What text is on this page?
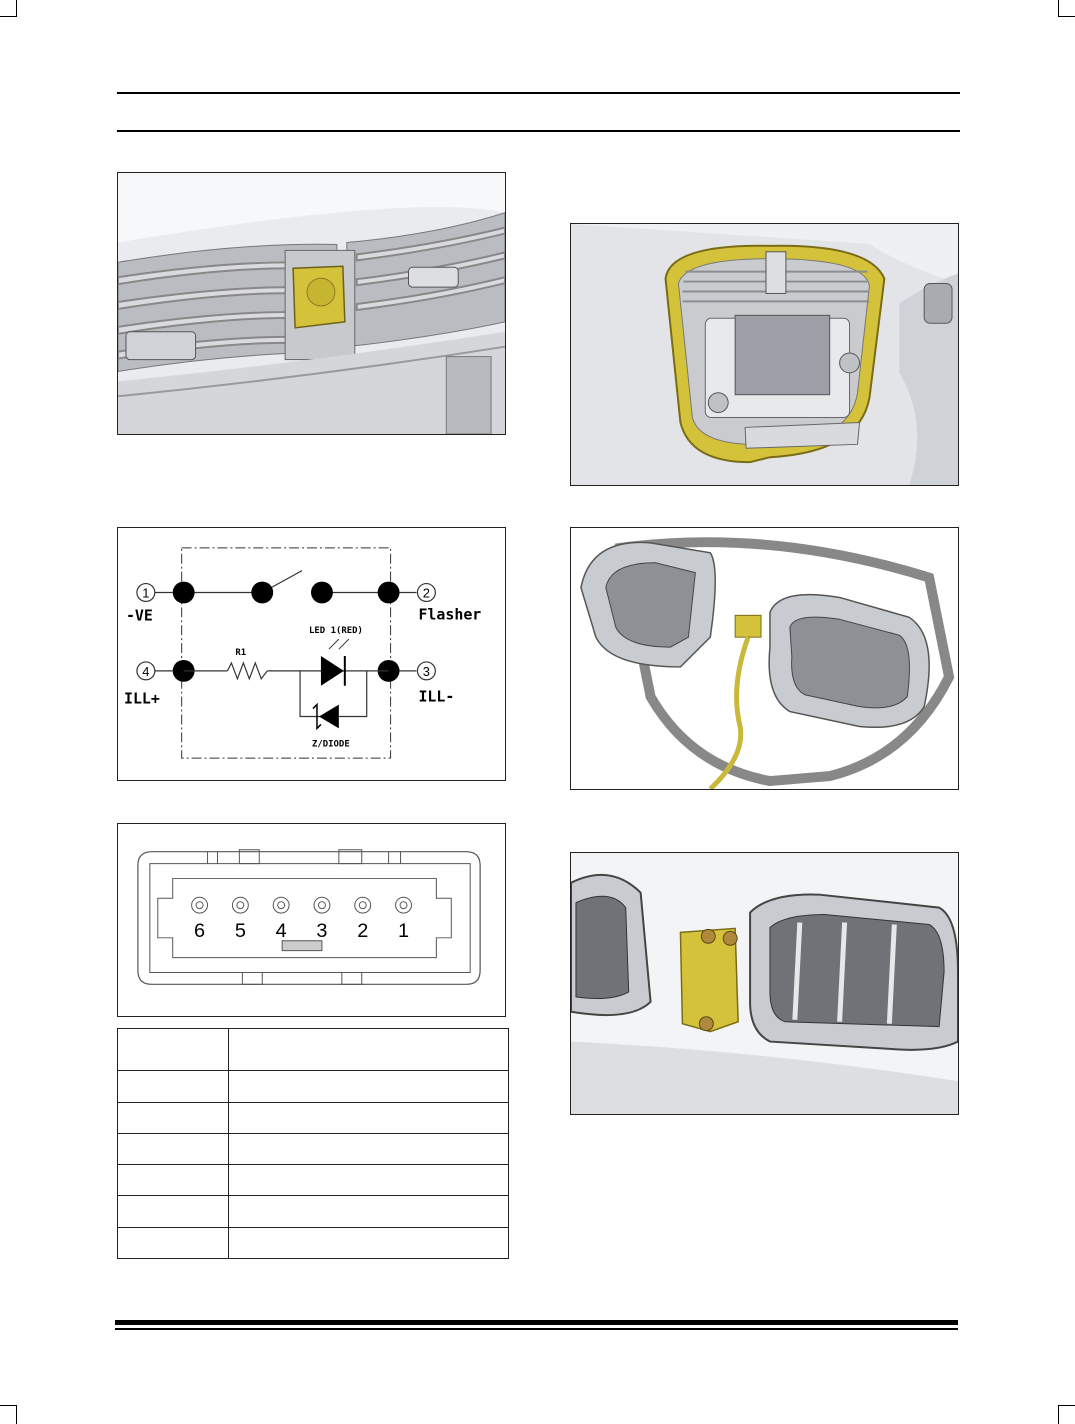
1	2
4	3
-VE	Flasher
ILL+	ILL-
R1
LED 1(RED)
Z/DIODE
6 5 4 3 2 1
